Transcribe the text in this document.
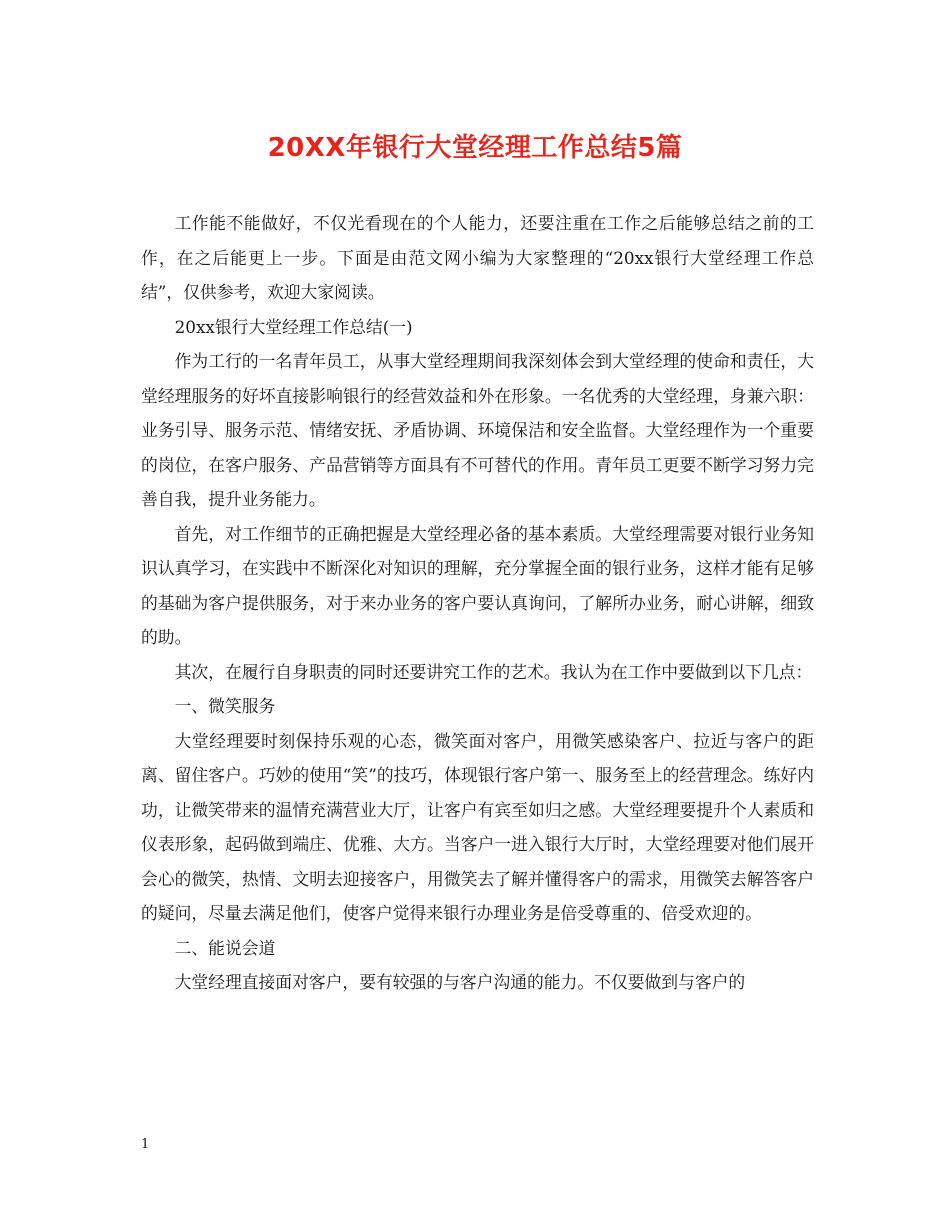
20XX年银行大堂经理工作总结5篇

工作能不能做好，不仅光看现在的个人能力，还要注重在工作之后能够总结之前的工作，在之后能更上一步。下面是由范文网小编为大家整理的“20xx银行大堂经理工作总结”，仅供参考，欢迎大家阅读。

20xx银行大堂经理工作总结(一)

作为工行的一名青年员工，从事大堂经理期间我深刻体会到大堂经理的使命和责任，大堂经理服务的好坏直接影响银行的经营效益和外在形象。一名优秀的大堂经理，身兼六职：业务引导、服务示范、情绪安抚、矛盾协调、环境保洁和安全监督。大堂经理作为一个重要的岗位，在客户服务、产品营销等方面具有不可替代的作用。青年员工更要不断学习努力完善自我，提升业务能力。

首先，对工作细节的正确把握是大堂经理必备的基本素质。大堂经理需要对银行业务知识认真学习，在实践中不断深化对知识的理解，充分掌握全面的银行业务，这样才能有足够的基础为客户提供服务，对于来办业务的客户要认真询问，了解所办业务，耐心讲解，细致的助。

其次，在履行自身职责的同时还要讲究工作的艺术。我认为在工作中要做到以下几点：

一、微笑服务

大堂经理要时刻保持乐观的心态，微笑面对客户，用微笑感染客户、拉近与客户的距离、留住客户。巧妙的使用“笑”的技巧，体现银行客户第一、服务至上的经营理念。练好内功，让微笑带来的温情充满营业大厅，让客户有宾至如归之感。大堂经理要提升个人素质和仪表形象，起码做到端庄、优雅、大方。当客户一进入银行大厅时，大堂经理要对他们展开会心的微笑，热情、文明去迎接客户，用微笑去了解并懂得客户的需求，用微笑去解答客户的疑问，尽量去满足他们，使客户觉得来银行办理业务是倍受尊重的、倍受欢迎的。

二、能说会道

大堂经理直接面对客户，要有较强的与客户沟通的能力。不仅要做到与客户的

1
